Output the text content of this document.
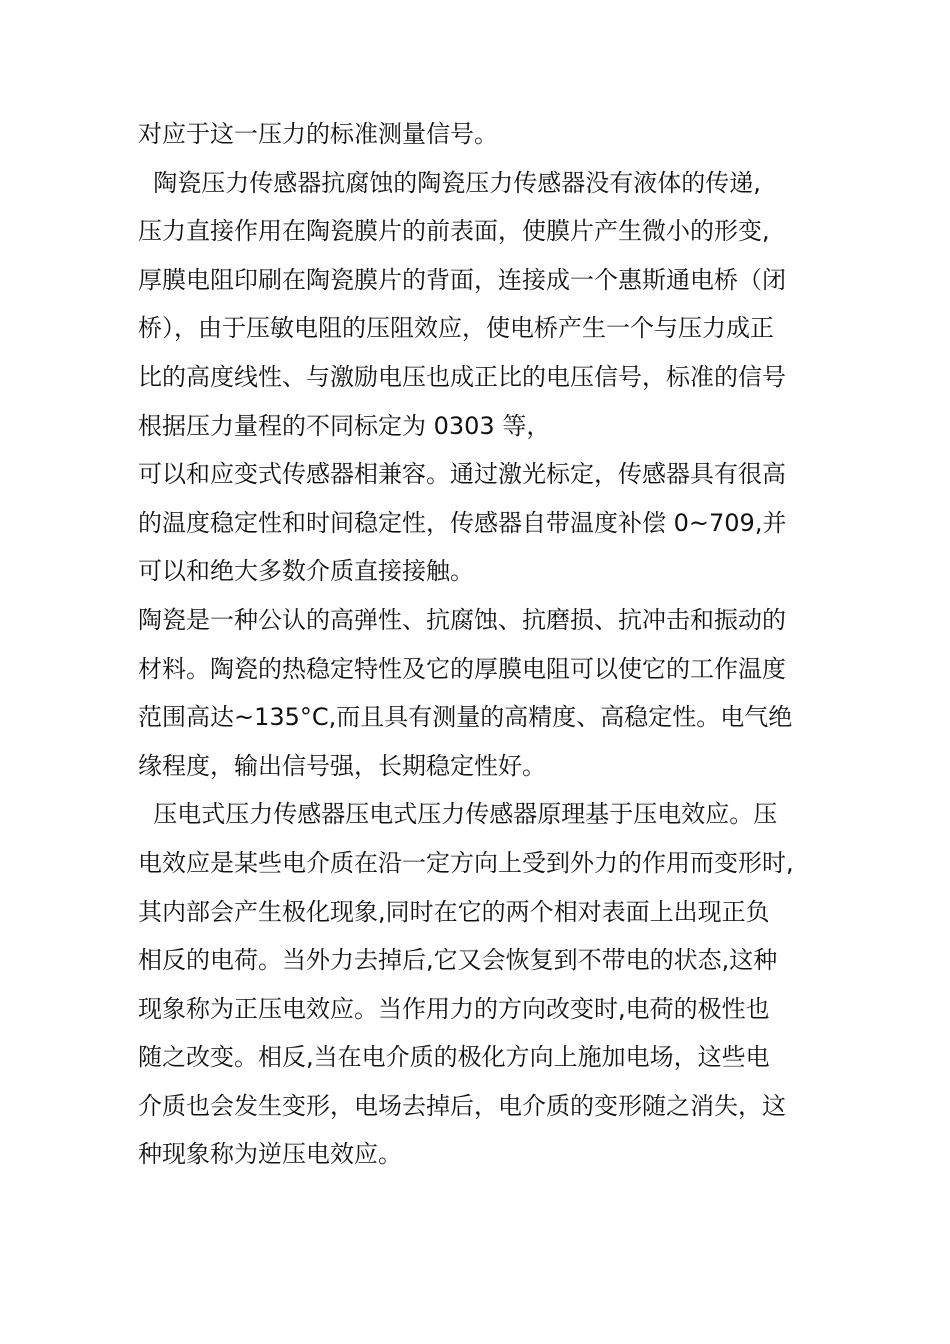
对应于这一压力的标准测量信号。
陶瓷压力传感器抗腐蚀的陶瓷压力传感器没有液体的传递,
压力直接作用在陶瓷膜片的前表面，使膜片产生微小的形变,
厚膜电阻印刷在陶瓷膜片的背面，连接成一个惠斯通电桥（闭
桥），由于压敏电阻的压阻效应，使电桥产生一个与压力成正
比的高度线性、与激励电压也成正比的电压信号，标准的信号
根据压力量程的不同标定为 0303 等，
可以和应变式传感器相兼容。通过激光标定，传感器具有很高
的温度稳定性和时间稳定性，传感器自带温度补偿 0~709,并
可以和绝大多数介质直接接触。
陶瓷是一种公认的高弹性、抗腐蚀、抗磨损、抗冲击和振动的
材料。陶瓷的热稳定特性及它的厚膜电阻可以使它的工作温度
范围高达~135°C,而且具有测量的高精度、高稳定性。电气绝
缘程度，输出信号强，长期稳定性好。
压电式压力传感器压电式压力传感器原理基于压电效应。压
电效应是某些电介质在沿一定方向上受到外力的作用而变形时,
其内部会产生极化现象,同时在它的两个相对表面上出现正负
相反的电荷。当外力去掉后,它又会恢复到不带电的状态,这种
现象称为正压电效应。当作用力的方向改变时,电荷的极性也
随之改变。相反,当在电介质的极化方向上施加电场，这些电
介质也会发生变形，电场去掉后，电介质的变形随之消失，这
种现象称为逆压电效应。
